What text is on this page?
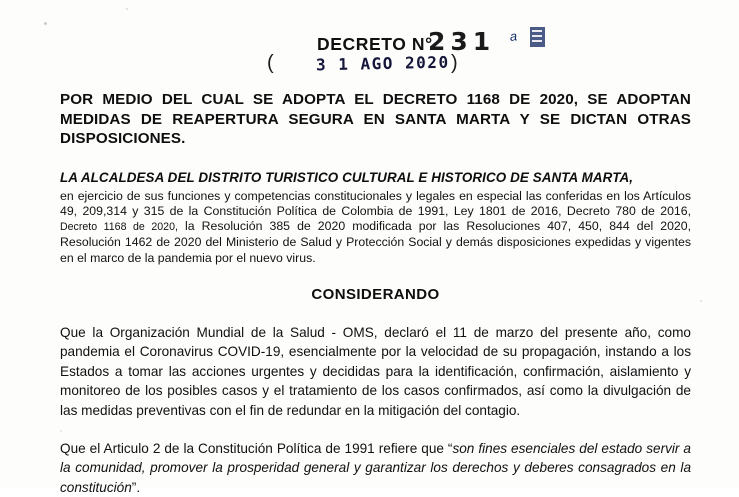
DECRETO N°
231
(	3 1 AGO 2020 )
a
POR MEDIO DEL CUAL SE ADOPTA EL DECRETO 1168 DE 2020, SE ADOPTAN MEDIDAS DE REAPERTURA SEGURA EN SANTA MARTA Y SE DICTAN OTRAS DISPOSICIONES.
LA ALCALDESA DEL DISTRITO TURISTICO CULTURAL E HISTORICO DE SANTA MARTA,

en ejercicio de sus funciones y competencias constitucionales y legales en especial las conferidas en los Artículos 49, 209,314 y 315 de la Constitución Política de Colombia de 1991, Ley 1801 de 2016, Decreto 780 de 2016, Decreto 1168 de 2020, la Resolución 385 de 2020 modificada por las Resoluciones 407, 450, 844 del 2020, Resolución 1462 de 2020 del Ministerio de Salud y Protección Social y demás disposiciones expedidas y vigentes en el marco de la pandemia por el nuevo virus.

CONSIDERANDO

Que la Organización Mundial de la Salud - OMS, declaró el 11 de marzo del presente año, como pandemia el Coronavirus COVID-19, esencialmente por la velocidad de su propagación, instando a los Estados a tomar las acciones urgentes y decididas para la identificación, confirmación, aislamiento y monitoreo de los posibles casos y el tratamiento de los casos confirmados, así como la divulgación de las medidas preventivas con el fin de redundar en la mitigación del contagio.

Que el Articulo 2 de la Constitución Política de 1991 refiere que “son fines esenciales del estado servir a la comunidad, promover la prosperidad general y garantizar los derechos y deberes consagrados en la constitución”.
